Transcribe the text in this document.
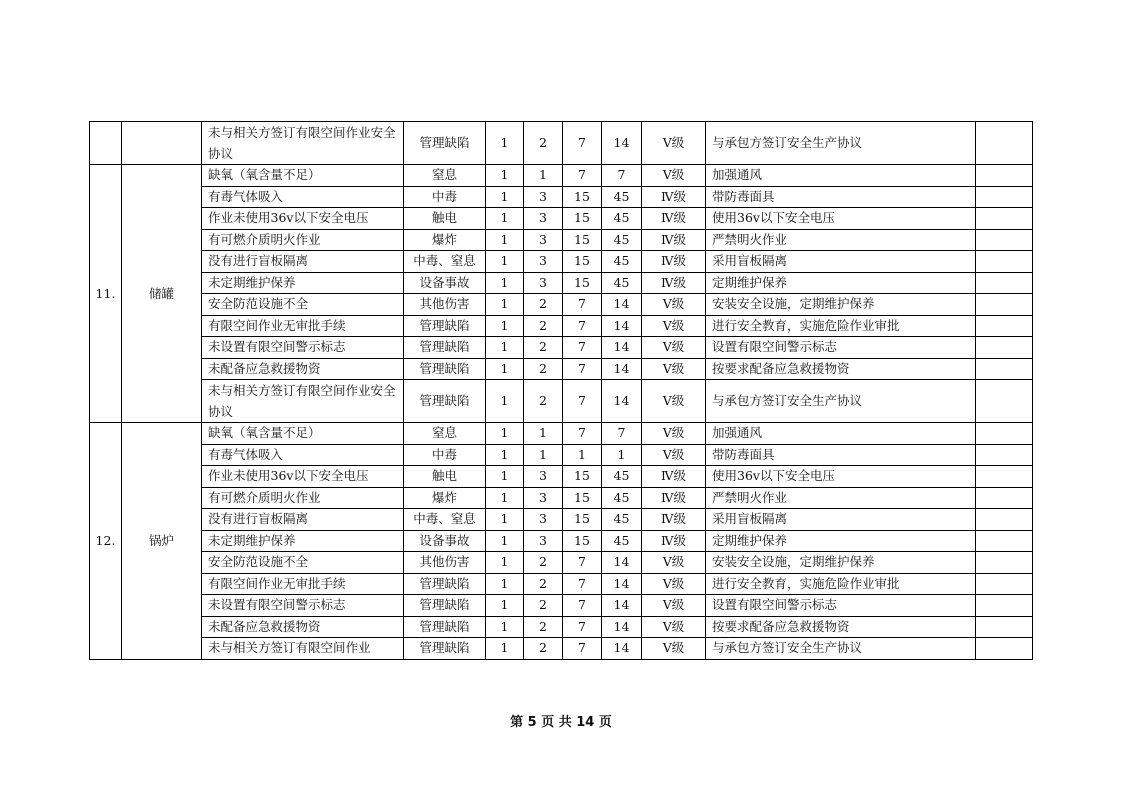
		未与相关方签订有限空间作业安全协议	管理缺陷	1	2	7	14	Ⅴ级	与承包方签订安全生产协议	
11.	储罐	缺氧（氧含量不足）	窒息	1	1	7	7	Ⅴ级	加强通风	
		有毒气体吸入	中毒	1	3	15	45	Ⅳ级	带防毒面具	
		作业未使用36v以下安全电压	触电	1	3	15	45	Ⅳ级	使用36v以下安全电压	
		有可燃介质明火作业	爆炸	1	3	15	45	Ⅳ级	严禁明火作业	
		没有进行盲板隔离	中毒、窒息	1	3	15	45	Ⅳ级	采用盲板隔离	
		未定期维护保养	设备事故	1	3	15	45	Ⅳ级	定期维护保养	
		安全防范设施不全	其他伤害	1	2	7	14	Ⅴ级	安装安全设施，定期维护保养	
		有限空间作业无审批手续	管理缺陷	1	2	7	14	Ⅴ级	进行安全教育，实施危险作业审批	
		未设置有限空间警示标志	管理缺陷	1	2	7	14	Ⅴ级	设置有限空间警示标志	
		未配备应急救援物资	管理缺陷	1	2	7	14	Ⅴ级	按要求配备应急救援物资	
		未与相关方签订有限空间作业安全协议	管理缺陷	1	2	7	14	Ⅴ级	与承包方签订安全生产协议	
12.	锅炉	缺氧（氧含量不足）	窒息	1	1	7	7	Ⅴ级	加强通风	
		有毒气体吸入	中毒	1	1	1	1	Ⅴ级	带防毒面具	
		作业未使用36v以下安全电压	触电	1	3	15	45	Ⅳ级	使用36v以下安全电压	
		有可燃介质明火作业	爆炸	1	3	15	45	Ⅳ级	严禁明火作业	
		没有进行盲板隔离	中毒、窒息	1	3	15	45	Ⅳ级	采用盲板隔离	
		未定期维护保养	设备事故	1	3	15	45	Ⅳ级	定期维护保养	
		安全防范设施不全	其他伤害	1	2	7	14	Ⅴ级	安装安全设施，定期维护保养	
		有限空间作业无审批手续	管理缺陷	1	2	7	14	Ⅴ级	进行安全教育，实施危险作业审批	
		未设置有限空间警示标志	管理缺陷	1	2	7	14	Ⅴ级	设置有限空间警示标志	
		未配备应急救援物资	管理缺陷	1	2	7	14	Ⅴ级	按要求配备应急救援物资	
		未与相关方签订有限空间作业	管理缺陷	1	2	7	14	Ⅴ级	与承包方签订安全生产协议	
第 5 页 共 14 页
